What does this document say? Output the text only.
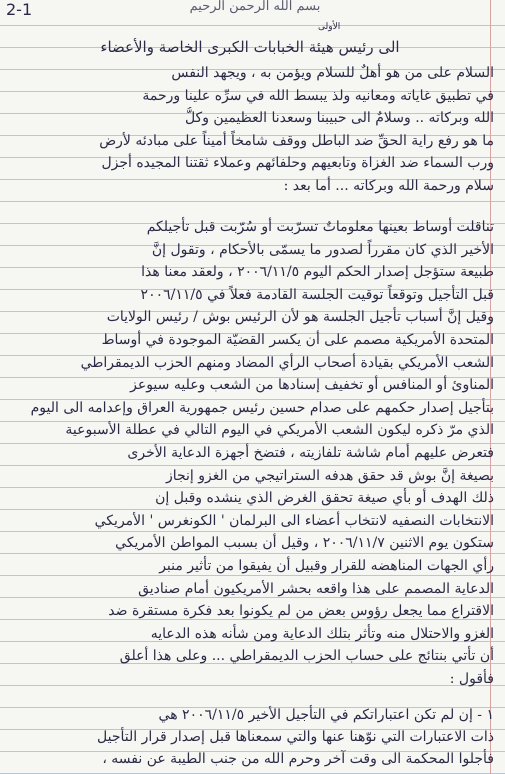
2-1	بسم الله الرحمن الرحيم
الأولى
الى رئيس هيئة الخبابات الكبرى الخاصة والأعضاء
السلام على من هو أهلٌ للسلام ويؤمن به ، ويجهد النفس
في تطبيق غاياته ومعانيه ولذ يبسط الله في سرِّه علينا ورحمة
الله وبركاته .. وسلامٌ الى حبيبنا وسعدنا العظيمين وكلُّ
ما هو رفع راية الحقِّ ضد الباطل ووقف شامخاً أميناً على مبادئه لأرض
ورب السماء ضد الغزاة وتابعيهم وحلفائهم وعملاء ثقتنا المجيده أجزل
سلام ورحمة الله وبركاته ... أما بعد :
تناقلت أوساط بعينها معلوماتٌ تسرّبت أو سُرّبت قبل تأجيلكم
الأخير الذي كان مقرراً لصدور ما يسمّى بالأحكام ، وتقول إنَّ
طبيعة ستؤجل إصدار الحكم اليوم ٢٠٠٦/١١/٥ ، ولعقد معنا هذا
قبل التأجيل وتوقعاً توقيت الجلسة القادمة فعلاً في ٢٠٠٦/١١/٥
وقيل إنَّ أسباب تأجيل الجلسة هو لأن الرئيس بوش / رئيس الولايات
المتحدة الأمريكية مصمم على أن يكسر القضيّة الموجودة في أوساط
الشعب الأمريكي بقيادة أصحاب الرأي المضاد ومنهم الحزب الديمقراطي
المناوئ أو المنافس أو تخفيف إسنادها من الشعب وعليه سيوعز
بتأجيل إصدار حكمهم على صدام حسين رئيس جمهورية العراق وإعدامه الى اليوم
الذي مرّ ذكره ليكون الشعب الأمريكي في اليوم التالي في عطلة الأسبوعية
فتعرض عليهم أمام شاشة تلفازيته ، فتضخ أجهزة الدعاية الأخرى
بصيغة إنَّ بوش قد حقق هدفه الستراتيجي من الغزو إنجاز
ذلك الهدف أو بأي صيغة تحقق الغرض الذي ينشده وقبل إن
الانتخابات النصفيه لانتخاب أعضاء الى البرلمان ' الكونغرس ' الأمريكي
ستكون يوم الاثنين ٢٠٠٦/١١/٧ ، وقيل أن بسبب المواطن الأمريكي
رأي الجهات المناهضه للقرار وقبيل أن يفيقوا من تأثير منبر
الدعاية المصمم على هذا واقعه بحشر الأمريكيون أمام صناديق
الاقتراع مما يجعل رؤوس بعض من لم يكونوا بعد فكرة مستقرة ضد
الغزو والاحتلال منه وتأثر بتلك الدعاية ومن شأنه هذه الدعايه
أن تأتي بنتائج على حساب الحزب الديمقراطي ... وعلى هذا أعلق
فأقول :
١ - إن لم تكن اعتباراتكم في التأجيل الأخير ٢٠٠٦/١١/٥ هي
ذات الاعتبارات التي نوّهنا عنها والتي سمعناها قبل إصدار قرار التأجيل
فأجلوا المحكمة الى وقت آخر وحرم الله من جنب الطيبة عن نفسه ،
